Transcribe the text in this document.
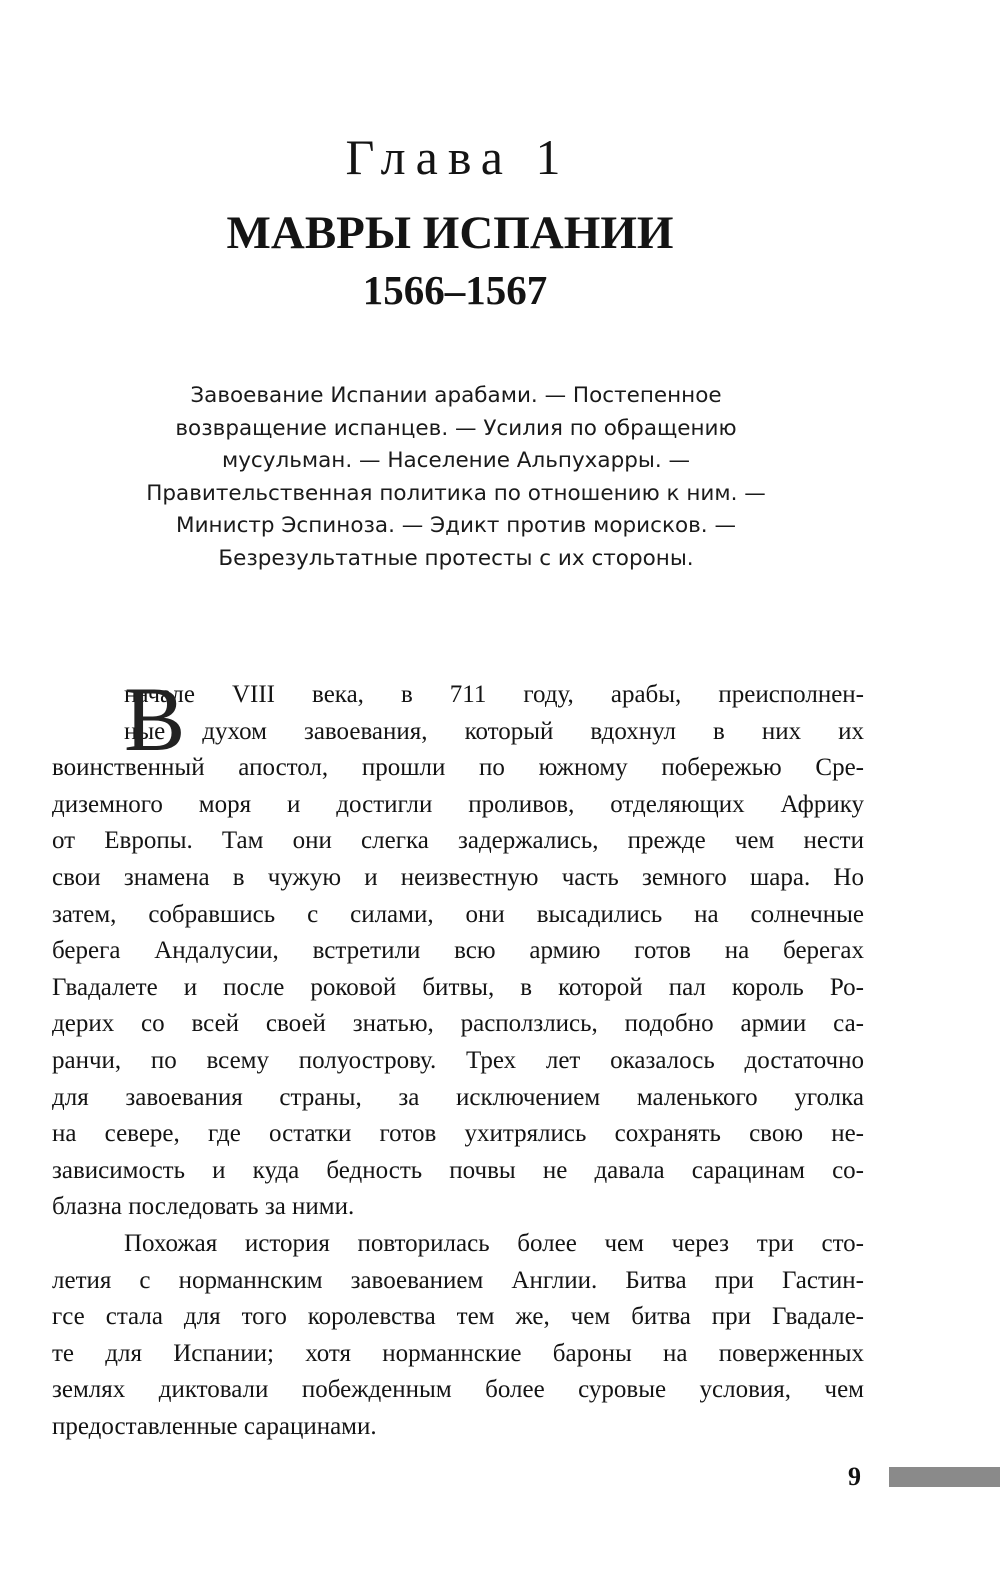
Глава 1
МАВРЫ ИСПАНИИ
1566–1567
Завоевание Испании арабами. — Постепенное
возвращение испанцев. — Усилия по обращению
мусульман. — Население Альпухарры. —
Правительственная политика по отношению к ним. —
Министр Эспиноза. — Эдикт против морисков. —
Безрезультатные протесты с их стороны.
В
начале VIII века, в 711 году, арабы, преисполнен-
ные духом завоевания, который вдохнул в них их
воинственный апостол, прошли по южному побережью Сре-
диземного моря и достигли проливов, отделяющих Африку
от Европы. Там они слегка задержались, прежде чем нести
свои знамена в чужую и неизвестную часть земного шара. Но
затем, собравшись с силами, они высадились на солнечные
берега Андалусии, встретили всю армию готов на берегах
Гвадалете и после роковой битвы, в которой пал король Ро-
дерих со всей своей знатью, расползлись, подобно армии са-
ранчи, по всему полуострову. Трех лет оказалось достаточно
для завоевания страны, за исключением маленького уголка
на севере, где остатки готов ухитрялись сохранять свою не-
зависимость и куда бедность почвы не давала сарацинам со-
блазна последовать за ними.
Похожая история повторилась более чем через три сто-
летия с норманнским завоеванием Англии. Битва при Гастин-
гсе стала для того королевства тем же, чем битва при Гвадале-
те для Испании; хотя норманнские бароны на поверженных
землях диктовали побежденным более суровые условия, чем
предоставленные сарацинами.
9
